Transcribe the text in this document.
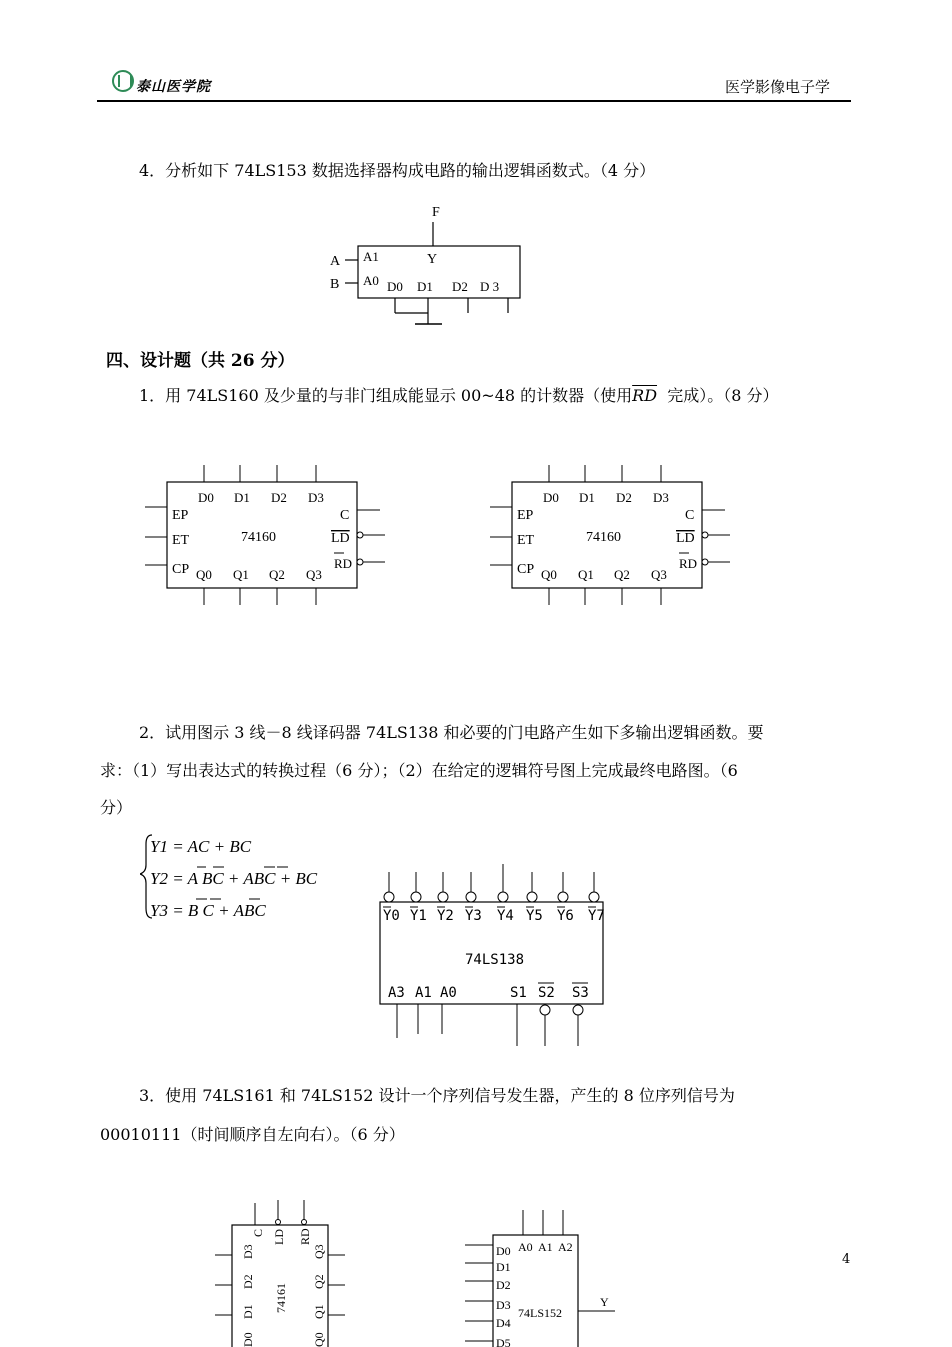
泰山医学院	医学影像电子学
4．分析如下 74LS153 数据选择器构成电路的输出逻辑函数式。（4 分）
F
Y
A A1
B A0 D0 D1 D2 D 3
四、设计题（共 26 分）
1．用 74LS160 及少量的与非门组成能显示 00~48 的计数器（使用$\overline{RD}$ 完成）。（8 分）
EP
ET
CP
D0 D1 D2 D3
74160
C
LD
RD
Q0 Q1 Q2 Q3
EP
ET
CP
D0 D1 D2 D3
74160
C
LD
RD
Q0 Q1 Q2 Q3
2．试用图示 3 线－8 线译码器 74LS138 和必要的门电路产生如下多输出逻辑函数。要
求：（1）写出表达式的转换过程（6 分）；（2）在给定的逻辑符号图上完成最终电路图。（6
分）
Y1 = AC + BC
Y2 = A BC + ABC + BC
Y3 = B C + ABC	Y0 Y1 Y2 Y3 Y4 Y5 Y6 Y7
74LS138
A3 A1 A0	S1 S2 S3
3．使用 74LS161 和 74LS152 设计一个序列信号发生器，产生的 8 位序列信号为
00010111（时间顺序自左向右）。（6 分）
D3
D2
D1
D0
C LD RD
74161
Q3
Q2
Q1
Q0
D0
D1
D2
D3
D4
D5
A0 A1 A2
74LS152
Y
4
